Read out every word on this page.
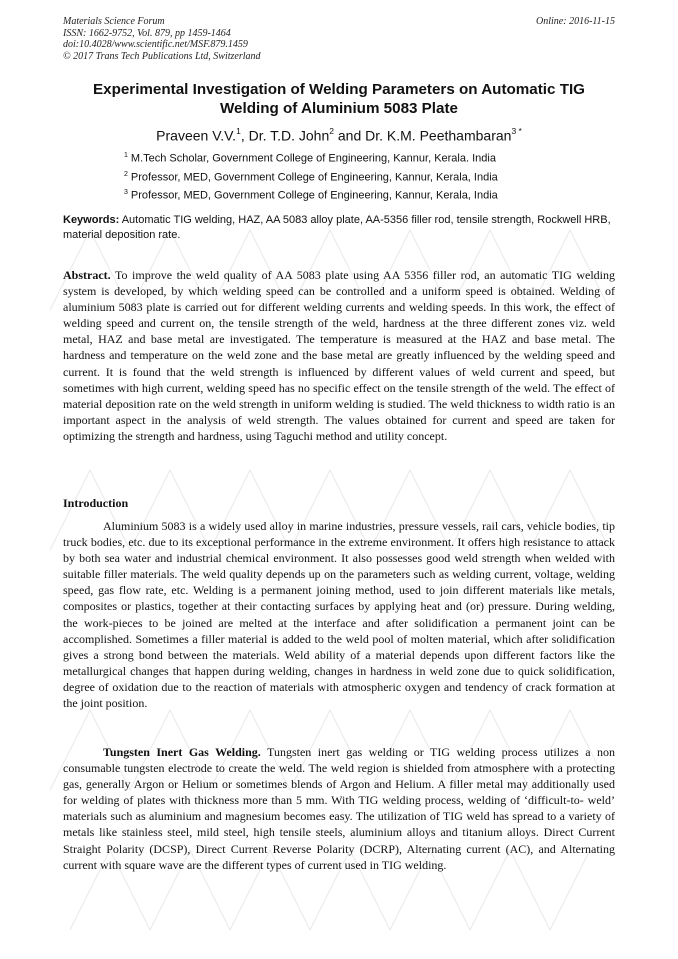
Materials Science Forum
ISSN: 1662-9752, Vol. 879, pp 1459-1464
doi:10.4028/www.scientific.net/MSF.879.1459
© 2017 Trans Tech Publications Ltd, Switzerland
Online: 2016-11-15
Experimental Investigation of Welding Parameters on Automatic TIG Welding of Aluminium 5083 Plate
Praveen V.V.$^1$, Dr. T.D. John$^2$ and Dr. K.M. Peethambaran$^{3 *}$
$^1$ M.Tech Scholar, Government College of Engineering, Kannur, Kerala. India
$^2$ Professor, MED, Government College of Engineering, Kannur, Kerala, India
$^3$ Professor, MED, Government College of Engineering, Kannur, Kerala, India
Keywords: Automatic TIG welding, HAZ, AA 5083 alloy plate, AA-5356 filler rod, tensile strength, Rockwell HRB, material deposition rate.
Abstract. To improve the weld quality of AA 5083 plate using AA 5356 filler rod, an automatic TIG welding system is developed, by which welding speed can be controlled and a uniform speed is obtained. Welding of aluminium 5083 plate is carried out for different welding currents and welding speeds. In this work, the effect of welding speed and current on, the tensile strength of the weld, hardness at the three different zones viz. weld metal, HAZ and base metal are investigated. The temperature is measured at the HAZ and base metal. The hardness and temperature on the weld zone and the base metal are greatly influenced by the welding speed and current. It is found that the weld strength is influenced by different values of weld current and speed, but sometimes with high current, welding speed has no specific effect on the tensile strength of the weld. The effect of material deposition rate on the weld strength in uniform welding is studied. The weld thickness to width ratio is an important aspect in the analysis of weld strength. The values obtained for current and speed are taken for optimizing the strength and hardness, using Taguchi method and utility concept.
Introduction
Aluminium 5083 is a widely used alloy in marine industries, pressure vessels, rail cars, vehicle bodies, tip truck bodies, etc. due to its exceptional performance in the extreme environment. It offers high resistance to attack by both sea water and industrial chemical environment. It also possesses good weld strength when welded with suitable filler materials. The weld quality depends up on the parameters such as welding current, voltage, welding speed, gas flow rate, etc. Welding is a permanent joining method, used to join different materials like metals, composites or plastics, together at their contacting surfaces by applying heat and (or) pressure. During welding, the work-pieces to be joined are melted at the interface and after solidification a permanent joint can be accomplished. Sometimes a filler material is added to the weld pool of molten material, which after solidification gives a strong bond between the materials. Weld ability of a material depends upon different factors like the metallurgical changes that happen during welding, changes in hardness in weld zone due to quick solidification, degree of oxidation due to the reaction of materials with atmospheric oxygen and tendency of crack formation at the joint position.
Tungsten Inert Gas Welding. Tungsten inert gas welding or TIG welding process utilizes a non consumable tungsten electrode to create the weld. The weld region is shielded from atmosphere with a protecting gas, generally Argon or Helium or sometimes blends of Argon and Helium. A filler metal may additionally used for welding of plates with thickness more than 5 mm. With TIG welding process, welding of ‘difficult-to- weld’ materials such as aluminium and magnesium becomes easy. The utilization of TIG weld has spread to a variety of metals like stainless steel, mild steel, high tensile steels, aluminium alloys and titanium alloys. Direct Current Straight Polarity (DCSP), Direct Current Reverse Polarity (DCRP), Alternating current (AC), and Alternating current with square wave are the different types of current used in TIG welding.
